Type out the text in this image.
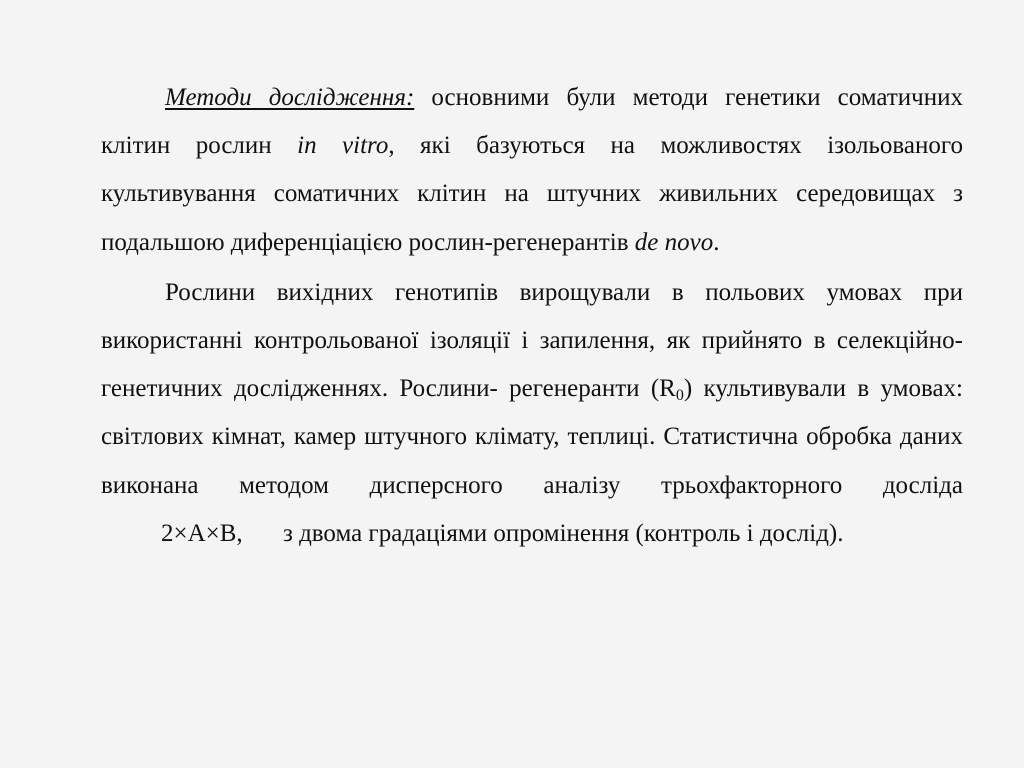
Методи дослідження: основними були методи генетики соматичних клітин рослин in vitro, які базуються на можливостях ізольованого культивування соматичних клітин на штучних живильних середовищах з подальшою диференціацією рослин-регенерантів de novo.

Рослини вихідних генотипів вирощували в польових умовах при використанні контрольованої ізоляції і запилення, як прийнято в селекційно-генетичних дослідженнях. Рослини- регенеранти $(R_0)$ культивували в умовах: світлових кімнат, камер штучного клімату, теплиці. Статистична обробка даних виконана методом дисперсного аналізу трьохфакторного досліда 2×А×В, з двома градаціями опромінення (контроль і дослід).
